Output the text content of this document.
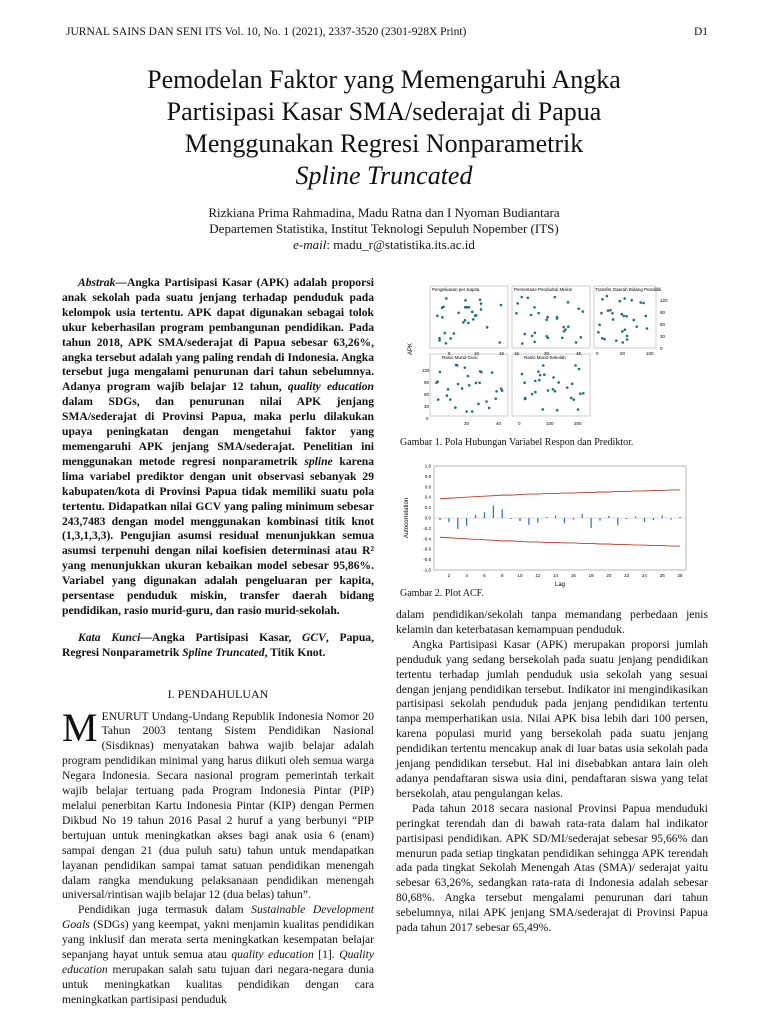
JURNAL SAINS DAN SENI ITS Vol. 10, No. 1 (2021), 2337-3520 (2301-928X Print)	D1
Pemodelan Faktor yang Memengaruhi Angka
Partisipasi Kasar SMA/sederajat di Papua
Menggunakan Regresi Nonparametrik
Spline Truncated
Rizkiana Prima Rahmadina, Madu Ratna dan I Nyoman Budiantara
Departemen Statistika, Institut Teknologi Sepuluh Nopember (ITS)
e-mail: madu_r@statistika.its.ac.id

Abstrak—Angka Partisipasi Kasar (APK) adalah proporsi anak sekolah pada suatu jenjang terhadap penduduk pada kelompok usia tertentu. APK dapat digunakan sebagai tolok ukur keberhasilan program pembangunan pendidikan. Pada tahun 2018, APK SMA/sederajat di Papua sebesar 63,26%, angka tersebut adalah yang paling rendah di Indonesia. Angka tersebut juga mengalami penurunan dari tahun sebelumnya. Adanya program wajib belajar 12 tahun, quality education dalam SDGs, dan penurunan nilai APK jenjang SMA/sederajat di Provinsi Papua, maka perlu dilakukan upaya peningkatan dengan mengetahui faktor yang memengaruhi APK jenjang SMA/sederajat. Penelitian ini menggunakan metode regresi nonparametrik spline karena lima variabel prediktor dengan unit observasi sebanyak 29 kabupaten/kota di Provinsi Papua tidak memiliki suatu pola tertentu. Didapatkan nilai GCV yang paling minimum sebesar 243,7483 dengan model menggunakan kombinasi titik knot (1,3,1,3,3). Pengujian asumsi residual menunjukkan semua asumsi terpenuhi dengan nilai koefisien determinasi atau R² yang menunjukkan ukuran kebaikan model sebesar 95,86%. Variabel yang digunakan adalah pengeluaran per kapita, persentase penduduk miskin, transfer daerah bidang pendidikan, rasio murid-guru, dan rasio murid-sekolah.

Kata Kunci—Angka Partisipasi Kasar, GCV, Papua, Regresi Nonparametrik Spline Truncated, Titik Knot.

I. PENDAHULUAN

MENURUT Undang-Undang Republik Indonesia Nomor 20 Tahun 2003 tentang Sistem Pendidikan Nasional (Sisdiknas) menyatakan bahwa wajib belajar adalah program pendidikan minimal yang harus diikuti oleh semua warga Negara Indonesia. Secara nasional program pemerintah terkait wajib belajar tertuang pada Program Indonesia Pintar (PIP) melalui penerbitan Kartu Indonesia Pintar (KIP) dengan Permen Dikbud No 19 tahun 2016 Pasal 2 huruf a yang berbunyi “PIP bertujuan untuk meningkatkan akses bagi anak usia 6 (enam) sampai dengan 21 (dua puluh satu) tahun untuk mendapatkan layanan pendidikan sampai tamat satuan pendidikan menengah dalam rangka mendukung pelaksanaan pendidikan menengah universal/rintisan wajib belajar 12 (dua belas) tahun”.

Pendidikan juga termasuk dalam Sustainable Development Goals (SDGs) yang keempat, yakni menjamin kualitas pendidikan yang inklusif dan merata serta meningkatkan kesempatan belajar sepanjang hayat untuk semua atau quality education [1]. Quality education merupakan salah satu tujuan dari negara-negara dunia untuk meningkatkan kualitas pendidikan dengan cara meningkatkan partisipasi penduduk

APK
Pengeluaran per Kapita	Persentase Penduduk Miskin	Transfer Daerah Bidang Pendidik
Rasio Murid-Guru	Rasio Murid-Sekolah
5	10	15 15	30	45	0	50	100
20	40	0	100	200
120
90
60
30
0
120
90
60
30
0
Gambar 1. Pola Hubungan Variabel Respon dan Prediktor.
Autocorrelation
Lag
1.0
0.8
0.6
0.4
0.2
0.0
-0.2
-0.4
-0.6
-0.8
-1.0
2	4	6	8	10	12	14	16	18	20	22	24	26	28
Gambar 2. Plot ACF.

dalam pendidikan/sekolah tanpa memandang perbedaan jenis kelamin dan keterbatasan kemampuan penduduk.

Angka Partisipasi Kasar (APK) merupakan proporsi jumlah penduduk yang sedang bersekolah pada suatu jenjang pendidikan tertentu terhadap jumlah penduduk usia sekolah yang sesuai dengan jenjang pendidikan tersebut. Indikator ini mengindikasikan partisipasi sekolah penduduk pada jenjang pendidikan tertentu tanpa memperhatikan usia. Nilai APK bisa lebih dari 100 persen, karena populasi murid yang bersekolah pada suatu jenjang pendidikan tertentu mencakup anak di luar batas usia sekolah pada jenjang pendidikan tersebut. Hal ini disebabkan antara lain oleh adanya pendaftaran siswa usia dini, pendaftaran siswa yang telat bersekolah, atau pengulangan kelas.

Pada tahun 2018 secara nasional Provinsi Papua menduduki peringkat terendah dan di bawah rata-rata dalam hal indikator partisipasi pendidikan. APK SD/MI/sederajat sebesar 95,66% dan menurun pada setiap tingkatan pendidikan sehingga APK terendah ada pada tingkat Sekolah Menengah Atas (SMA)/ sederajat yaitu sebesar 63,26%, sedangkan rata-rata di Indonesia adalah sebesar 80,68%. Angka tersebut mengalami penurunan dari tahun sebelumnya, nilai APK jenjang SMA/sederajat di Provinsi Papua pada tahun 2017 sebesar 65,49%.
